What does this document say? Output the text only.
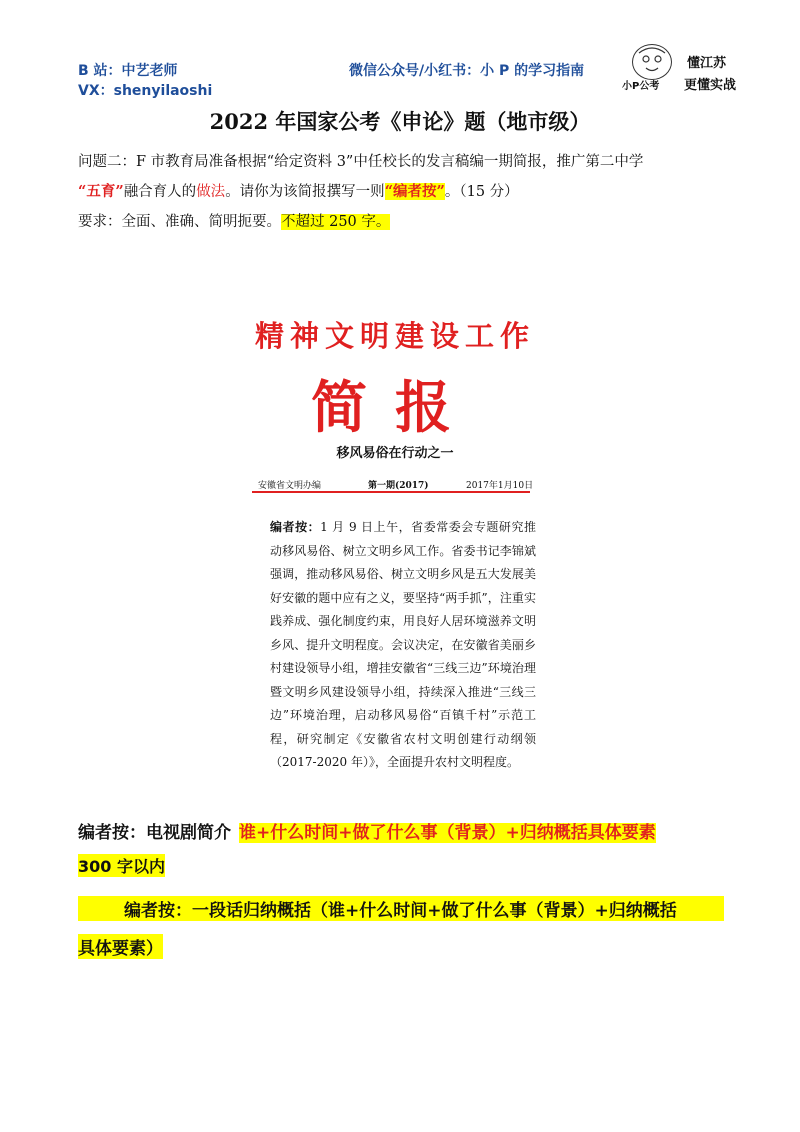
B 站：中艺老师
VX：shenyilaoshi
微信公众号/小红书：小 P 的学习指南
小P公考
懂江苏
更懂实战
2022 年国家公考《申论》题（地市级）
问题二：F 市教育局准备根据“给定资料 3”中任校长的发言稿编一期简报，推广第二中学
“五育”融合育人的做法。请你为该简报撰写一则“编者按”。（15 分）
要求：全面、准确、简明扼要。不超过 250 字。
精神文明建设工作
简报
移风易俗在行动之一
安徽省文明办编	第一期(2017)	2017年1月10日
编者按：1 月 9 日上午，省委常委会专题研究推动移风易俗、树立文明乡风工作。省委书记李锦斌强调，推动移风易俗、树立文明乡风是五大发展美好安徽的题中应有之义，要坚持“两手抓”，注重实践养成、强化制度约束，用良好人居环境滋养文明乡风、提升文明程度。会议决定，在安徽省美丽乡村建设领导小组，增挂安徽省“三线三边”环境治理暨文明乡风建设领导小组，持续深入推进“三线三边”环境治理，启动移风易俗“百镇千村”示范工程，研究制定《安徽省农村文明创建行动纲领（2017-2020 年）》，全面提升农村文明程度。
编者按：电视剧简介 谁+什么时间+做了什么事（背景）+归纳概括具体要素
300 字以内
编者按：一段话归纳概括（谁+什么时间+做了什么事（背景）+归纳概括
具体要素）
